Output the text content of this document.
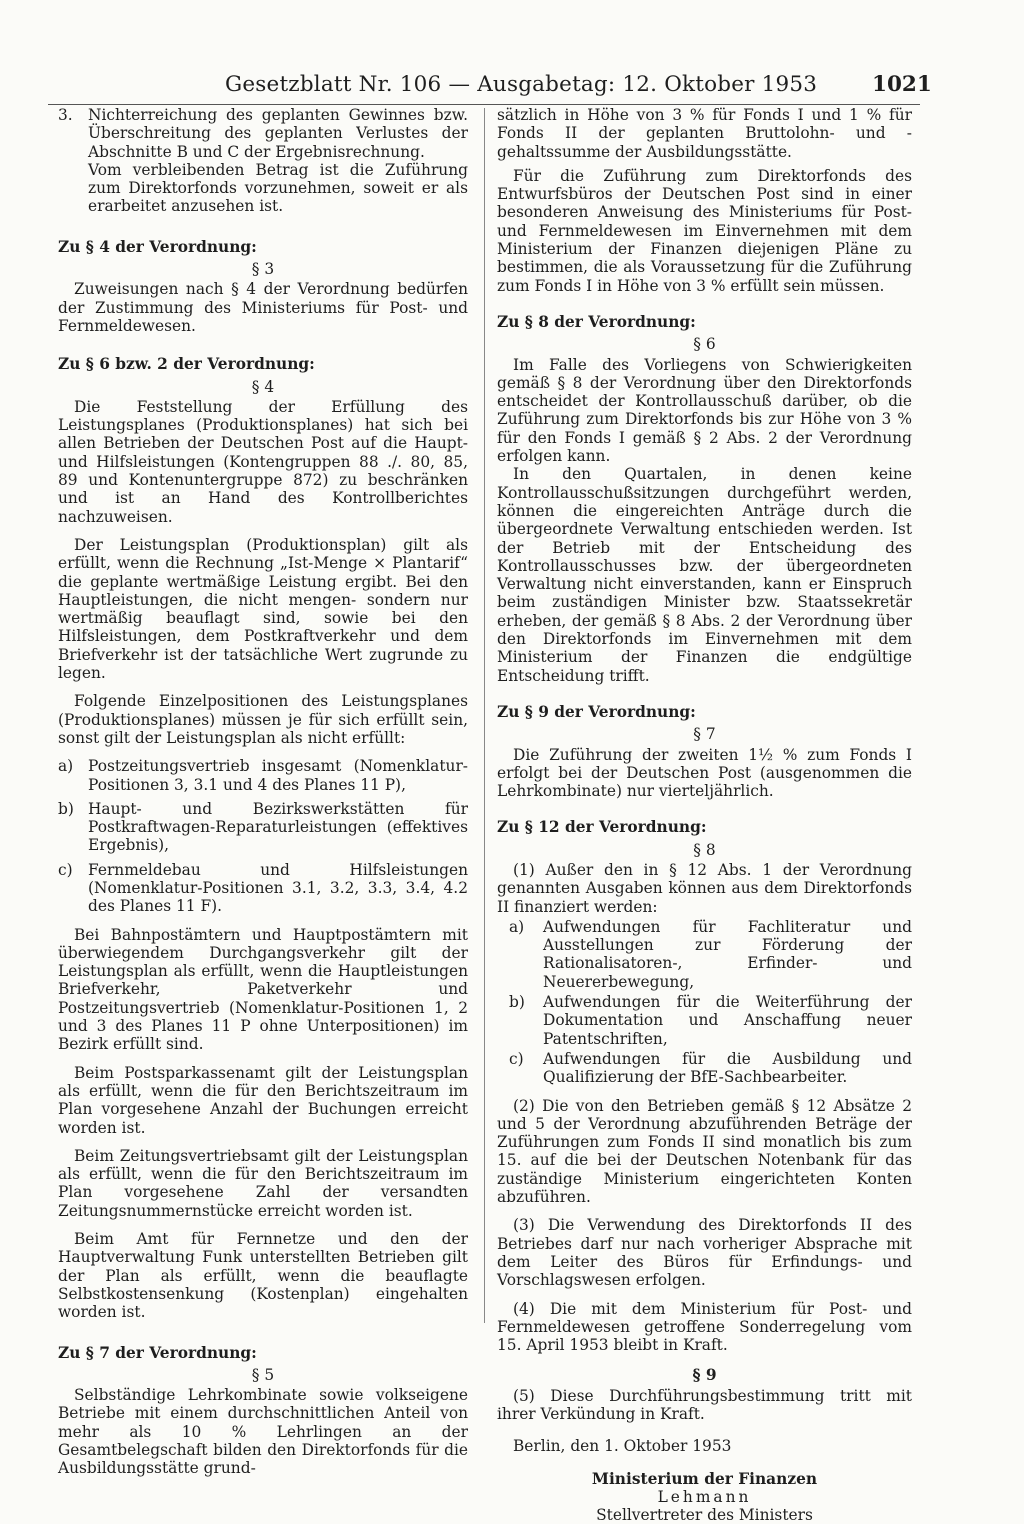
Gesetzblatt Nr. 106 — Ausgabetag: 12. Oktober 1953	1021
3. Nichterreichung des geplanten Gewinnes bzw. Überschreitung des geplanten Verlustes der Abschnitte B und C der Ergebnisrechnung.

Vom verbleibenden Betrag ist die Zuführung zum Direktorfonds vorzunehmen, soweit er als erarbeitet anzusehen ist.

Zu § 4 der Verordnung:

§ 3

Zuweisungen nach § 4 der Verordnung bedürfen der Zustimmung des Ministeriums für Post- und Fernmeldewesen.

Zu § 6 bzw. 2 der Verordnung:

§ 4

Die Feststellung der Erfüllung des Leistungsplanes (Produktionsplanes) hat sich bei allen Betrieben der Deutschen Post auf die Haupt- und Hilfsleistungen (Kontengruppen 88 ./. 80, 85, 89 und Kontenuntergruppe 872) zu beschränken und ist an Hand des Kontrollberichtes nachzuweisen.

Der Leistungsplan (Produktionsplan) gilt als erfüllt, wenn die Rechnung „Ist-Menge × Plantarif“ die geplante wertmäßige Leistung ergibt. Bei den Hauptleistungen, die nicht mengen- sondern nur wertmäßig beauflagt sind, sowie bei den Hilfsleistungen, dem Postkraftverkehr und dem Briefverkehr ist der tatsächliche Wert zugrunde zu legen.

Folgende Einzelpositionen des Leistungsplanes (Produktionsplanes) müssen je für sich erfüllt sein, sonst gilt der Leistungsplan als nicht erfüllt:

a) Postzeitungsvertrieb insgesamt (Nomenklatur-Positionen 3, 3.1 und 4 des Planes 11 P),
b) Haupt- und Bezirkswerkstätten für Postkraftwagen-Reparaturleistungen (effektives Ergebnis),
c) Fernmeldebau und Hilfsleistungen (Nomenklatur-Positionen 3.1, 3.2, 3.3, 3.4, 4.2 des Planes 11 F).

Bei Bahnpostämtern und Hauptpostämtern mit überwiegendem Durchgangsverkehr gilt der Leistungsplan als erfüllt, wenn die Hauptleistungen Briefverkehr, Paketverkehr und Postzeitungsvertrieb (Nomenklatur-Positionen 1, 2 und 3 des Planes 11 P ohne Unterpositionen) im Bezirk erfüllt sind.

Beim Postsparkassenamt gilt der Leistungsplan als erfüllt, wenn die für den Berichtszeitraum im Plan vorgesehene Anzahl der Buchungen erreicht worden ist.

Beim Zeitungsvertriebsamt gilt der Leistungsplan als erfüllt, wenn die für den Berichtszeitraum im Plan vorgesehene Zahl der versandten Zeitungsnummernstücke erreicht worden ist.

Beim Amt für Fernnetze und den der Hauptverwaltung Funk unterstellten Betrieben gilt der Plan als erfüllt, wenn die beauflagte Selbstkostensenkung (Kostenplan) eingehalten worden ist.

Zu § 7 der Verordnung:

§ 5

Selbständige Lehrkombinate sowie volkseigene Betriebe mit einem durchschnittlichen Anteil von mehr als 10 % Lehrlingen an der Gesamtbelegschaft bilden den Direktorfonds für die Ausbildungsstätte grund-

sätzlich in Höhe von 3 % für Fonds I und 1 % für Fonds II der geplanten Bruttolohn- und -gehaltssumme der Ausbildungsstätte.

Für die Zuführung zum Direktorfonds des Entwurfsbüros der Deutschen Post sind in einer besonderen Anweisung des Ministeriums für Post- und Fernmeldewesen im Einvernehmen mit dem Ministerium der Finanzen diejenigen Pläne zu bestimmen, die als Voraussetzung für die Zuführung zum Fonds I in Höhe von 3 % erfüllt sein müssen.

Zu § 8 der Verordnung:

§ 6

Im Falle des Vorliegens von Schwierigkeiten gemäß § 8 der Verordnung über den Direktorfonds entscheidet der Kontrollausschuß darüber, ob die Zuführung zum Direktorfonds bis zur Höhe von 3 % für den Fonds I gemäß § 2 Abs. 2 der Verordnung erfolgen kann.

In den Quartalen, in denen keine Kontrollausschußsitzungen durchgeführt werden, können die eingereichten Anträge durch die übergeordnete Verwaltung entschieden werden. Ist der Betrieb mit der Entscheidung des Kontrollausschusses bzw. der übergeordneten Verwaltung nicht einverstanden, kann er Einspruch beim zuständigen Minister bzw. Staatssekretär erheben, der gemäß § 8 Abs. 2 der Verordnung über den Direktorfonds im Einvernehmen mit dem Ministerium der Finanzen die endgültige Entscheidung trifft.

Zu § 9 der Verordnung:

§ 7

Die Zuführung der zweiten 1½ % zum Fonds I erfolgt bei der Deutschen Post (ausgenommen die Lehrkombinate) nur vierteljährlich.

Zu § 12 der Verordnung:

§ 8

(1) Außer den in § 12 Abs. 1 der Verordnung genannten Ausgaben können aus dem Direktorfonds II finanziert werden:

a)	Aufwendungen für Fachliteratur und Ausstellungen zur Förderung der Rationalisatoren-, Erfinder- und Neuererbewegung,
b)	Aufwendungen für die Weiterführung der Dokumentation und Anschaffung neuer Patentschriften,
c)	Aufwendungen für die Ausbildung und Qualifizierung der BfE-Sachbearbeiter.

(2) Die von den Betrieben gemäß § 12 Absätze 2 und 5 der Verordnung abzuführenden Beträge der Zuführungen zum Fonds II sind monatlich bis zum 15. auf die bei der Deutschen Notenbank für das zuständige Ministerium eingerichteten Konten abzuführen.

(3) Die Verwendung des Direktorfonds II des Betriebes darf nur nach vorheriger Absprache mit dem Leiter des Büros für Erfindungs- und Vorschlagswesen erfolgen.

(4) Die mit dem Ministerium für Post- und Fernmeldewesen getroffene Sonderregelung vom 15. April 1953 bleibt in Kraft.

§ 9

(5) Diese Durchführungsbestimmung tritt mit ihrer Verkündung in Kraft.

Berlin, den 1. Oktober 1953

Ministerium der Finanzen

Lehmann

Stellvertreter des Ministers
